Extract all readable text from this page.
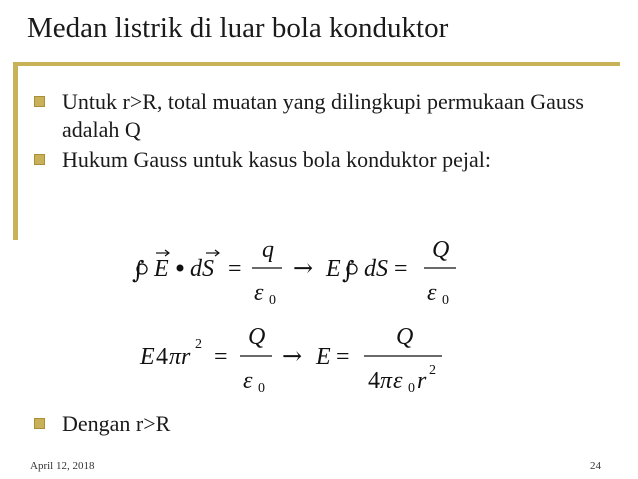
Medan listrik di luar bola konduktor
Untuk r>R, total muatan yang dilingkupi permukaan Gauss adalah Q
Hukum Gauss untuk kasus bola konduktor pejal:
∫ E dS =
q
ε 0
→ E ∫ dS =
Q
ε 0
E 4 πr 2 =
Q
ε 0
→ E =
Q
4 π ε 0 r 2
Dengan r>R
April 12, 2018	24
